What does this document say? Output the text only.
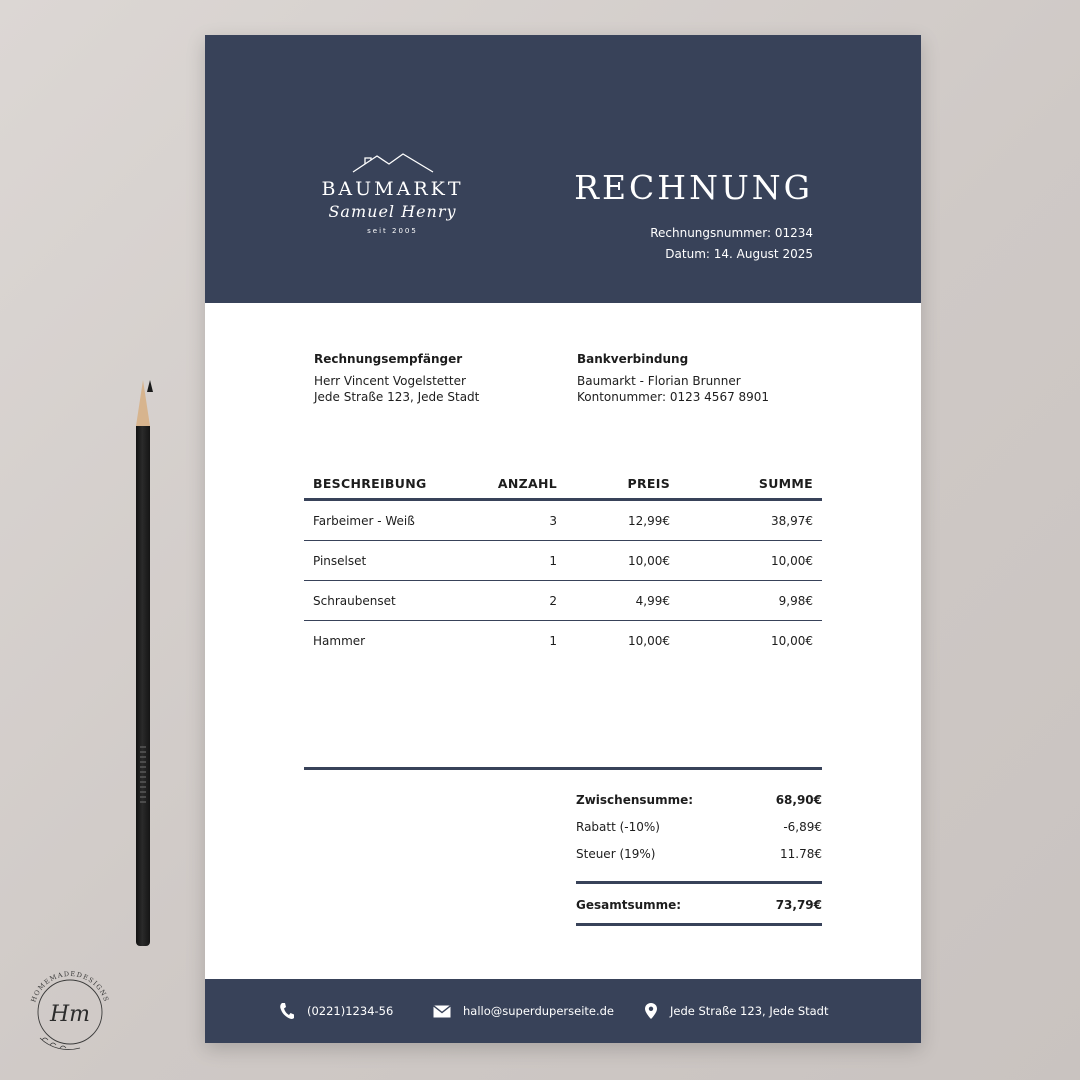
BAUMARKT
Samuel Henry
seit 2005
RECHNUNG
Rechnungsnummer: 01234
Datum: 14. August 2025
Rechnungsempfänger
Herr Vincent Vogelstetter
Jede Straße 123, Jede Stadt
Bankverbindung
Baumarkt - Florian Brunner
Kontonummer: 0123 4567 8901
BESCHREIBUNG	ANZAHL	PREIS	SUMME
Farbeimer - Weiß	3	12,99€	38,97€
Pinselset	1	10,00€	10,00€
Schraubenset	2	4,99€	9,98€
Hammer	1	10,00€	10,00€
Zwischensumme:	68,90€
Rabatt (-10%)	-6,89€
Steuer (19%)	11.78€
Gesamtsumme:	73,79€
(0221)1234-56	hallo@superduperseite.de	Jede Straße 123, Jede Stadt
HOMEMADEDESIGNS
Hm
